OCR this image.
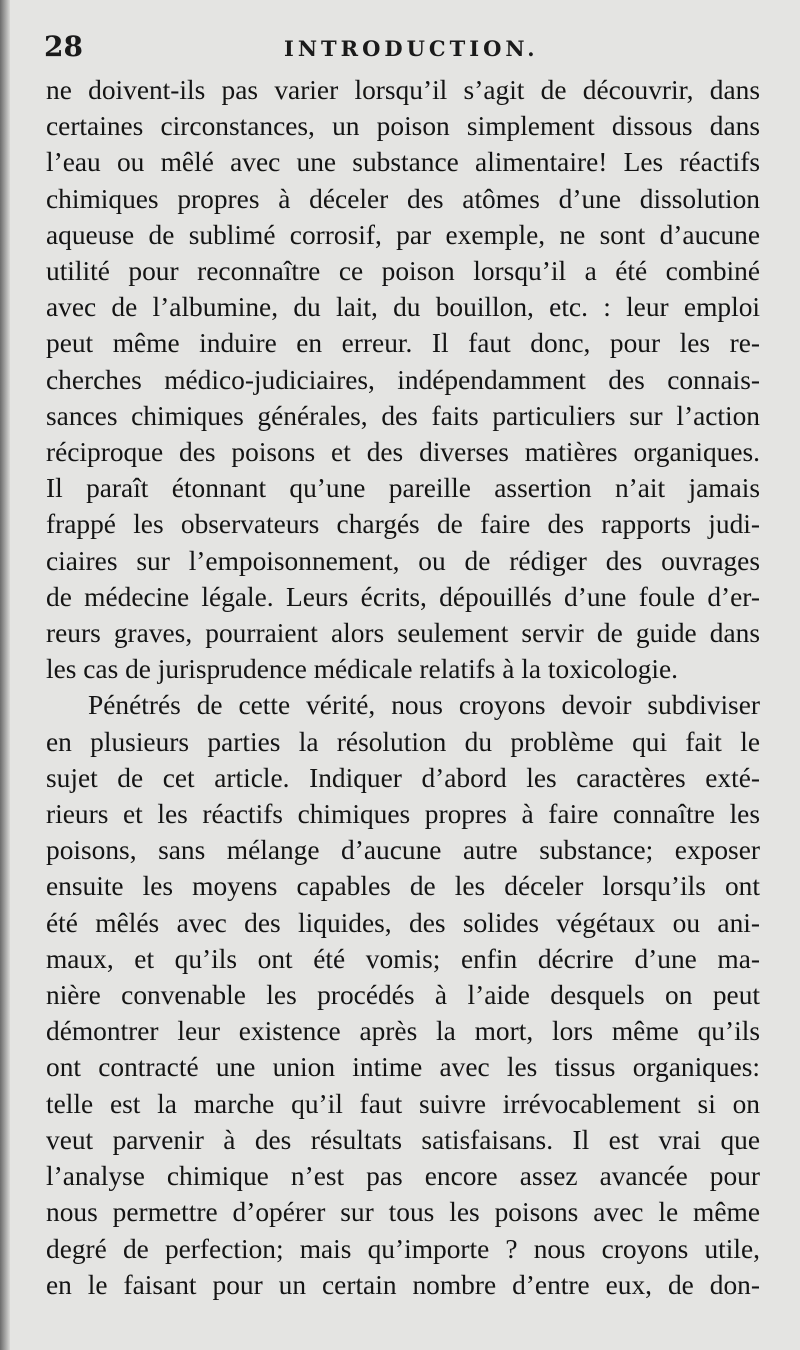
28	INTRODUCTION.
ne doivent-ils pas varier lorsqu’il s’agit de découvrir, dans
certaines circonstances, un poison simplement dissous dans
l’eau ou mêlé avec une substance alimentaire! Les réactifs
chimiques propres à déceler des atômes d’une dissolution
aqueuse de sublimé corrosif, par exemple, ne sont d’aucune
utilité pour reconnaître ce poison lorsqu’il a été combiné
avec de l’albumine, du lait, du bouillon, etc. : leur emploi
peut même induire en erreur. Il faut donc, pour les re-
cherches médico-judiciaires, indépendamment des connais-
sances chimiques générales, des faits particuliers sur l’action
réciproque des poisons et des diverses matières organiques.
Il paraît étonnant qu’une pareille assertion n’ait jamais
frappé les observateurs chargés de faire des rapports judi-
ciaires sur l’empoisonnement, ou de rédiger des ouvrages
de médecine légale. Leurs écrits, dépouillés d’une foule d’er-
reurs graves, pourraient alors seulement servir de guide dans
les cas de jurisprudence médicale relatifs à la toxicologie.
Pénétrés de cette vérité, nous croyons devoir subdiviser
en plusieurs parties la résolution du problème qui fait le
sujet de cet article. Indiquer d’abord les caractères exté-
rieurs et les réactifs chimiques propres à faire connaître les
poisons, sans mélange d’aucune autre substance; exposer
ensuite les moyens capables de les déceler lorsqu’ils ont
été mêlés avec des liquides, des solides végétaux ou ani-
maux, et qu’ils ont été vomis; enfin décrire d’une ma-
nière convenable les procédés à l’aide desquels on peut
démontrer leur existence après la mort, lors même qu’ils
ont contracté une union intime avec les tissus organiques:
telle est la marche qu’il faut suivre irrévocablement si on
veut parvenir à des résultats satisfaisans. Il est vrai que
l’analyse chimique n’est pas encore assez avancée pour
nous permettre d’opérer sur tous les poisons avec le même
degré de perfection; mais qu’importe ? nous croyons utile,
en le faisant pour un certain nombre d’entre eux, de don-
